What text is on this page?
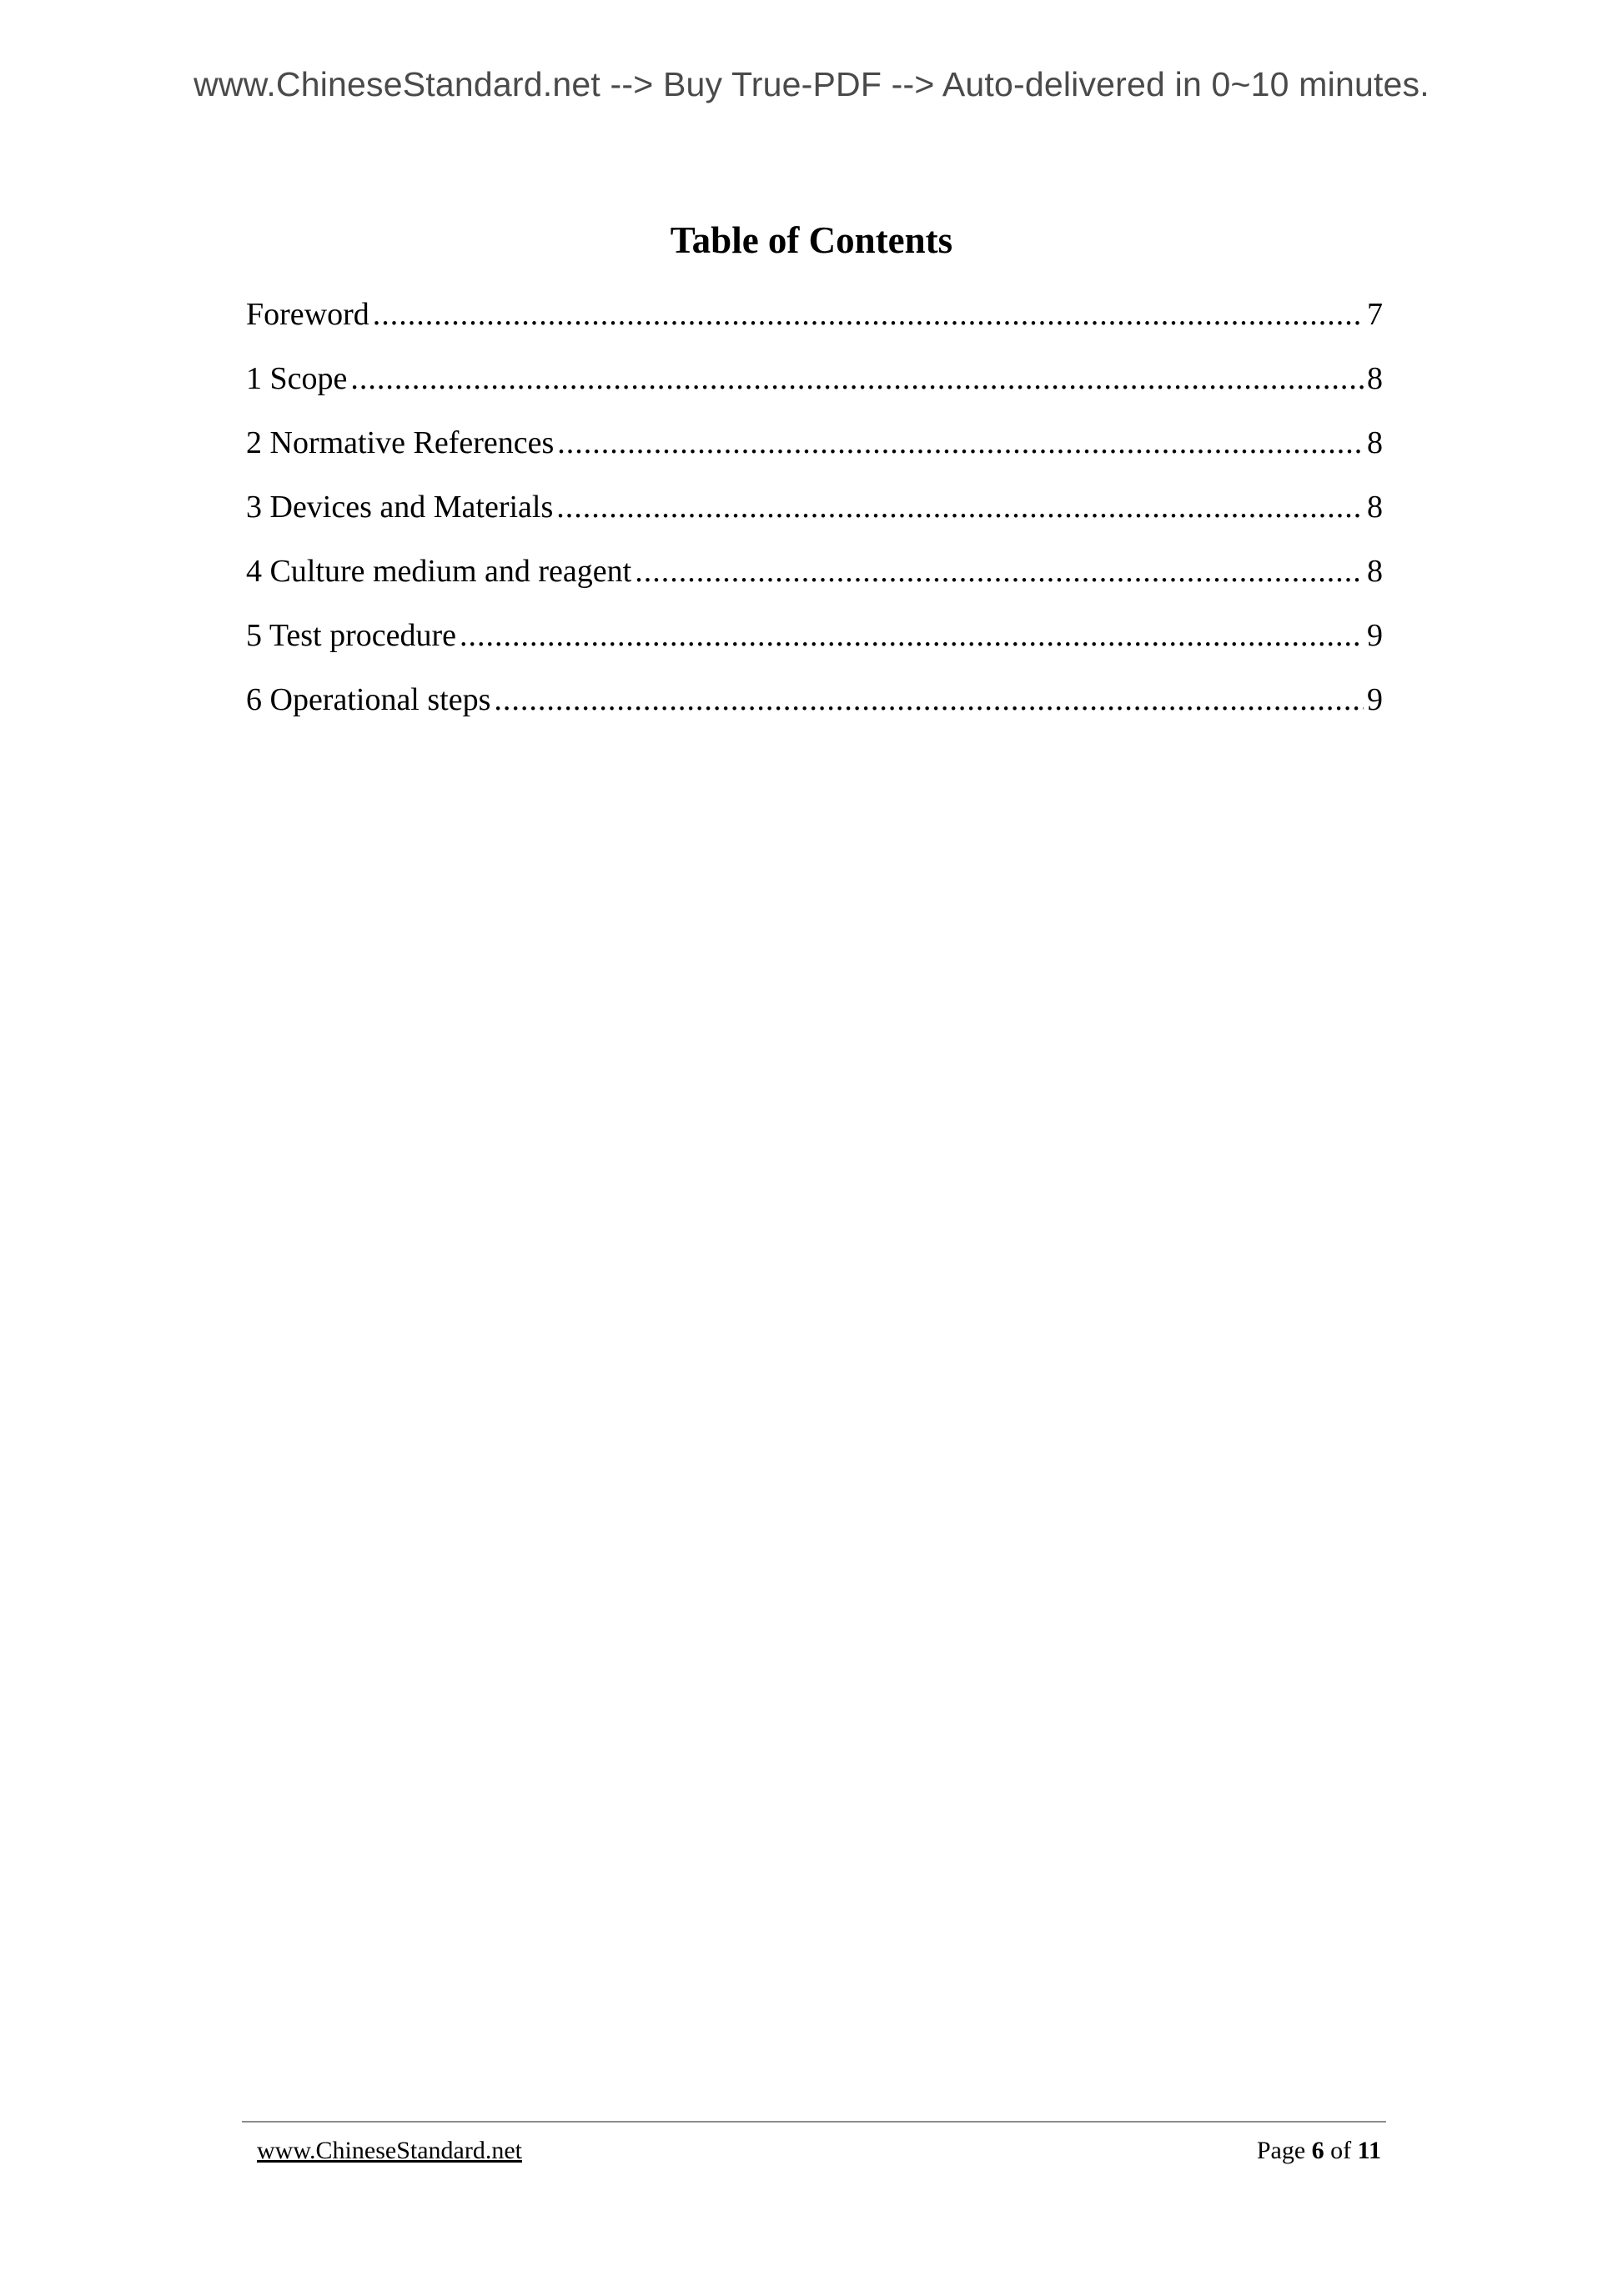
www.ChineseStandard.net --> Buy True-PDF --> Auto-delivered in 0~10 minutes.
Table of Contents
Foreword .....	7
1 Scope .....	8
2 Normative References .....	8
3 Devices and Materials .....	8
4 Culture medium and reagent .....	8
5 Test procedure .....	9
6 Operational steps .....	9
www.ChineseStandard.net	Page 6 of 11
